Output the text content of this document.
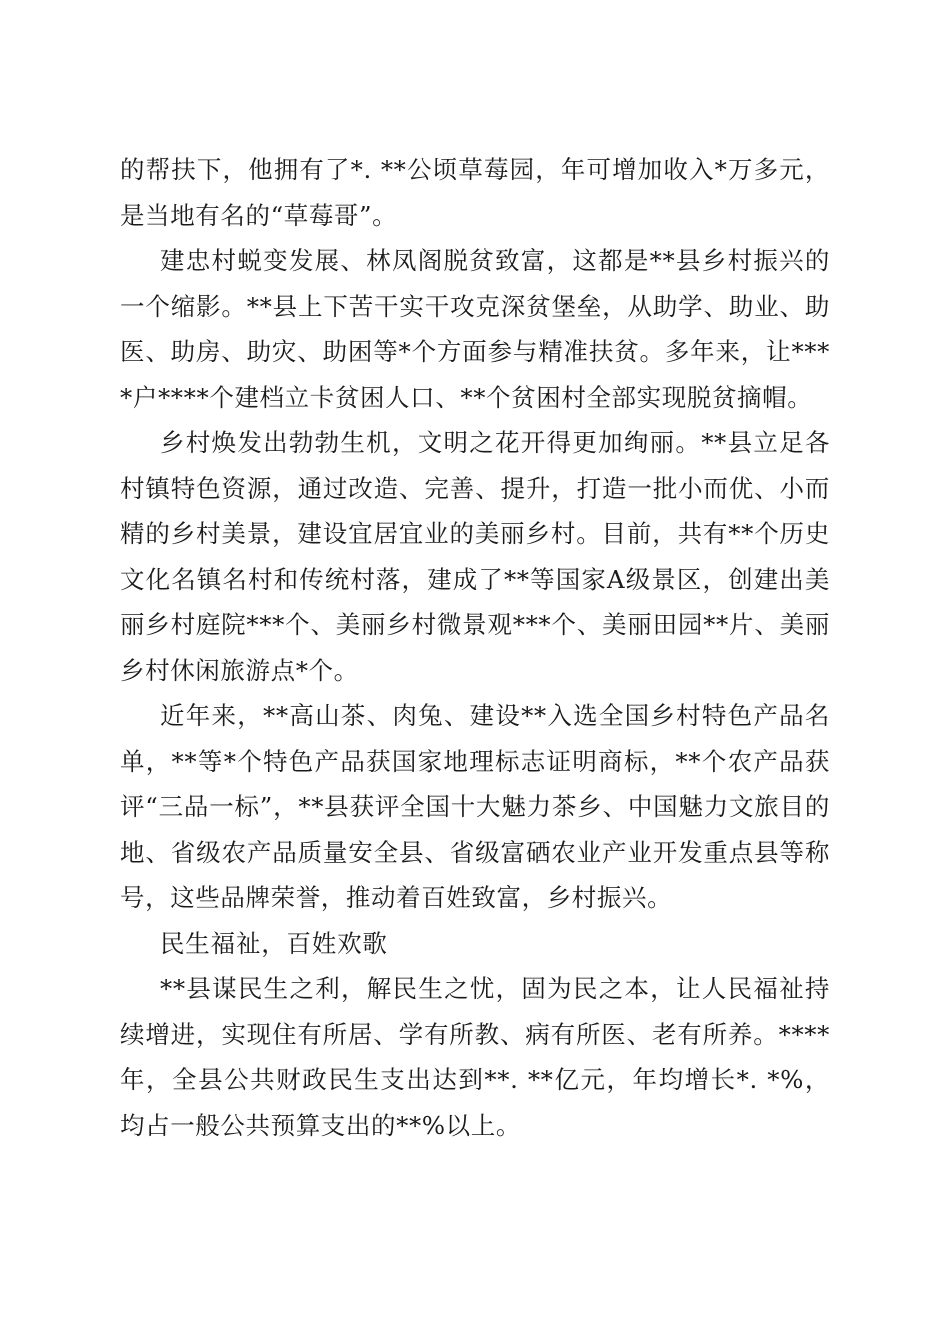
的帮扶下，他拥有了*. **公顷草莓园，年可增加收入*万多元，是当地有名的“草莓哥”。

建忠村蜕变发展、林凤阁脱贫致富，这都是**县乡村振兴的一个缩影。**县上下苦干实干攻克深贫堡垒，从助学、助业、助医、助房、助灾、助困等*个方面参与精准扶贫。多年来，让****户****个建档立卡贫困人口、**个贫困村全部实现脱贫摘帽。

乡村焕发出勃勃生机，文明之花开得更加绚丽。**县立足各村镇特色资源，通过改造、完善、提升，打造一批小而优、小而精的乡村美景，建设宜居宜业的美丽乡村。目前，共有**个历史文化名镇名村和传统村落，建成了**等国家A级景区，创建出美丽乡村庭院***个、美丽乡村微景观***个、美丽田园**片、美丽乡村休闲旅游点*个。

近年来，**高山茶、肉兔、建设**入选全国乡村特色产品名单，**等*个特色产品获国家地理标志证明商标，**个农产品获评“三品一标”，**县获评全国十大魅力茶乡、中国魅力文旅目的地、省级农产品质量安全县、省级富硒农业产业开发重点县等称号，这些品牌荣誉，推动着百姓致富，乡村振兴。

民生福祉，百姓欢歌

**县谋民生之利，解民生之忧，固为民之本，让人民福祉持续增进，实现住有所居、学有所教、病有所医、老有所养。****年，全县公共财政民生支出达到**. **亿元，年均增长*. *%，均占一般公共预算支出的**%以上。
